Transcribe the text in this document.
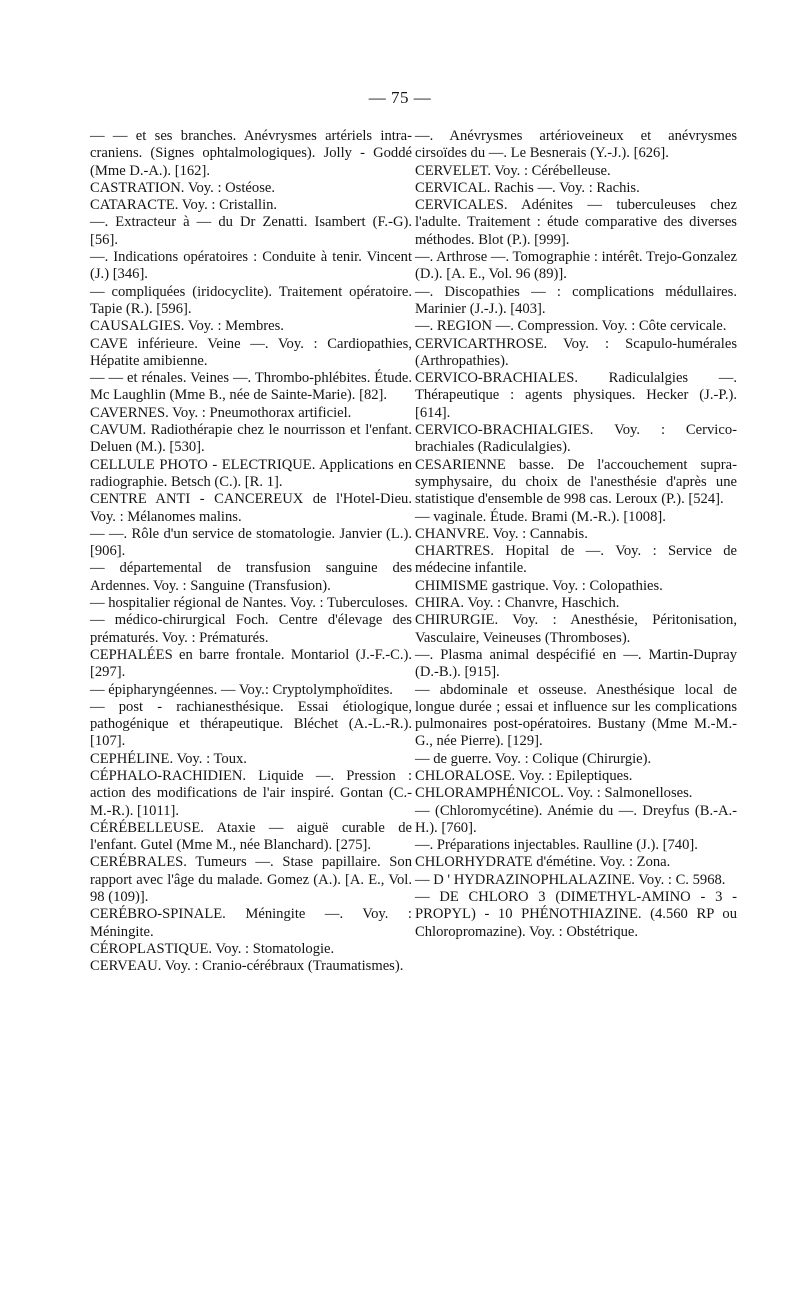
— 75 —

— — et ses branches. Anévrysmes artériels intra-craniens. (Signes ophtalmologiques). Jolly - Goddé (Mme D.-A.). [162].

CASTRATION. Voy. : Ostéose.

CATARACTE. Voy. : Cristallin.

—. Extracteur à — du Dr Zenatti. Isambert (F.-G). [56].

—. Indications opératoires : Conduite à tenir. Vincent (J.) [346].

— compliquées (iridocyclite). Traitement opératoire. Tapie (R.). [596].

CAUSALGIES. Voy. : Membres.

CAVE inférieure. Veine —. Voy. : Cardiopathies, Hépatite amibienne.

— — et rénales. Veines —. Thrombo-phlébites. Étude. Mc Laughlin (Mme B., née de Sainte-Marie). [82].

CAVERNES. Voy. : Pneumothorax artificiel.

CAVUM. Radiothérapie chez le nourrisson et l'enfant. Deluen (M.). [530].

CELLULE PHOTO - ELECTRIQUE. Applications en radiographie. Betsch (C.). [R. 1].

CENTRE ANTI - CANCEREUX de l'Hotel-Dieu. Voy. : Mélanomes malins.

— —. Rôle d'un service de stomatologie. Janvier (L.). [906].

— départemental de transfusion sanguine des Ardennes. Voy. : Sanguine (Transfusion).

— hospitalier régional de Nantes. Voy. : Tuberculoses.

— médico-chirurgical Foch. Centre d'élevage des prématurés. Voy. : Prématurés.

CEPHALÉES en barre frontale. Montariol (J.-F.-C.). [297].

— épipharyngéennes. — Voy.: Cryptolymphoïdites.

— post - rachianesthésique. Essai étiologique, pathogénique et thérapeutique. Bléchet (A.-L.-R.). [107].

CEPHÉLINE. Voy. : Toux.

CÉPHALO-RACHIDIEN. Liquide —. Pression : action des modifications de l'air inspiré. Gontan (C.-M.-R.). [1011].

CÉRÉBELLEUSE. Ataxie — aiguë curable de l'enfant. Gutel (Mme M., née Blanchard). [275].

CERÉBRALES. Tumeurs —. Stase papillaire. Son rapport avec l'âge du malade. Gomez (A.). [A. E., Vol. 98 (109)].

CERÉBRO-SPINALE. Méningite —. Voy. : Méningite.

CÉROPLASTIQUE. Voy. : Stomatologie.

CERVEAU. Voy. : Cranio-cérébraux (Traumatismes).

—. Anévrysmes artérioveineux et anévrysmes cirsoïdes du —. Le Besnerais (Y.-J.). [626].

CERVELET. Voy. : Cérébelleuse.

CERVICAL. Rachis —. Voy. : Rachis.

CERVICALES. Adénites — tuberculeuses chez l'adulte. Traitement : étude comparative des diverses méthodes. Blot (P.). [999].

—. Arthrose —. Tomographie : intérêt. Trejo-Gonzalez (D.). [A. E., Vol. 96 (89)].

—. Discopathies — : complications médullaires. Marinier (J.-J.). [403].

—. REGION —. Compression. Voy. : Côte cervicale.

CERVICARTHROSE. Voy. : Scapulo-humérales (Arthropathies).

CERVICO-BRACHIALES. Radiculalgies —. Thérapeutique : agents physiques. Hecker (J.-P.). [614].

CERVICO-BRACHIALGIES. Voy. : Cervico-brachiales (Radiculalgies).

CESARIENNE basse. De l'accouchement supra-symphysaire, du choix de l'anesthésie d'après une statistique d'ensemble de 998 cas. Leroux (P.). [524].

— vaginale. Étude. Brami (M.-R.). [1008].

CHANVRE. Voy. : Cannabis.

CHARTRES. Hopital de —. Voy. : Service de médecine infantile.

CHIMISME gastrique. Voy. : Colopathies.

CHIRA. Voy. : Chanvre, Haschich.

CHIRURGIE. Voy. : Anesthésie, Péritonisation, Vasculaire, Veineuses (Thromboses).

—. Plasma animal despécifié en —. Martin-Dupray (D.-B.). [915].

— abdominale et osseuse. Anesthésique local de longue durée ; essai et influence sur les complications pulmonaires post-opératoires. Bustany (Mme M.-M.-G., née Pierre). [129].

— de guerre. Voy. : Colique (Chirurgie).

CHLORALOSE. Voy. : Epileptiques.

CHLORAMPHÉNICOL. Voy. : Salmonelloses.

— (Chloromycétine). Anémie du —. Dreyfus (B.-A.-H.). [760].

—. Préparations injectables. Raulline (J.). [740].

CHLORHYDRATE d'émétine. Voy. : Zona.

— D ' HYDRAZINOPHLALAZINE. Voy. : C. 5968.

— DE CHLORO 3 (DIMETHYL-AMINO - 3 - PROPYL) - 10 PHÉNOTHIAZINE. (4.560 RP ou Chloropromazine). Voy. : Obstétrique.
